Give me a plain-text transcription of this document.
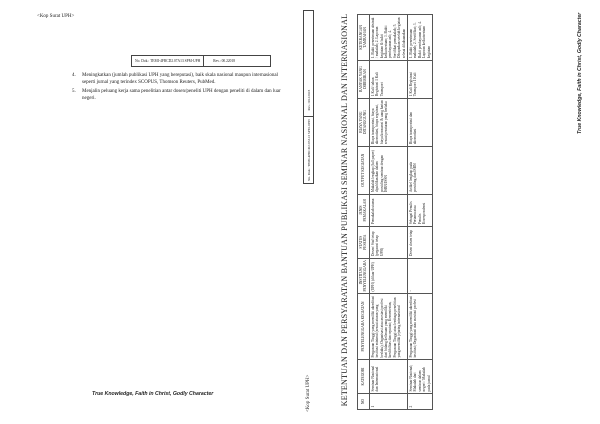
<Kop Surat UPH>
No. Dok.: TEMI-4FRCD2.07A13 SPM-UPH	Rev.: 00.22018
4.	Meningkatkan (jumlah publikasi UPH yang bereputasi), baik skala nasional maupun internasional seperti jurnal yang terindex SCOPUS, Thomson Reuters, PubMed.
5.	Menjalin peluang kerja sama penelitian antar dosen/peneliti UPH dengan peneliti di dalam dan luar negeri.
True Knowledge, Faith in Christ, Godly Character	<Kop Surat UPH>
No. Dok.: TEMI-4FRCD2.07A13 SPM-UPH
Rev.: 00.22018	KETENTUAN DAN PERSYARATAN BANTUAN PUBLIKASI SEMINAR NASIONAL DAN INTERNASIONAL	NO	KATEGORI	PENYELENGGARA KEGIATAN	INSTITUSI PENYELENGGARA	STATUS PESERTA	JENIS PEMAKALAH	OUTPUT KEGIATAN	BIAYA YANG DITANGGUNG	BANYAK YANG DIBERIKAN	KETERANGAN TAMBAHAN
1	Seminar Nasional dan Internasional	Perguruan Tinggi yang memiliki akreditasi institusi minimal (sesuai aturan yang berlaku); Organisasi atau asosiasi profesi dari bidang keilmuan yang memiliki kredibilitas dan reputasi; Kementerian, Perguruan Tinggi atau lembaga penelitian yang memiliki jejaring internasional	(UPH) (diluar UPH)	Dosen/ Staf tetap (pegawai tetap UPH)	Pemakalah utama	Makalah lengkap (full paper) dipublikasikan dalam prosiding seminar dengan ISBN/ISSN	Biaya transportasi, biaya akomodasi, biaya registrasi, biaya konsumsi & uang harian sesuai peraturan yang berlaku	1 Kali/ tahun Registrasi 1 Kali Transport	1. Bukti penerimaan abstrak / makalah; 2. Laporan kegiatan & bukti keikutsertaan; 3. Bukti pembayaran asli; 4. Sertifikat pemakalah; 5. Dibayarkan setelah kegiatan selesai dilaksanakan
2	Seminar Nasional; Makalah dari seminar dalam negeri / Makalah pada jurnal	Perguruan Tinggi yang memiliki akreditasi institusi; Organisasi atau asosiasi profesi	-	Dosen dosen tetap	Sebagai Penulis Pertama atau Penulis Korespondensi	Artikel lengkap pada prosiding dan ISBN	Biaya transportasi dan akomodasi	1 Kali Registrasi Transport 1 Kali	1. Bukti penerimaan makalah; 2. Sertifikat; 3. Bukti pembayaran asli; 4. Laporan keikutsertaan kegiatan	True Knowledge, Faith in Christ, Godly Character
